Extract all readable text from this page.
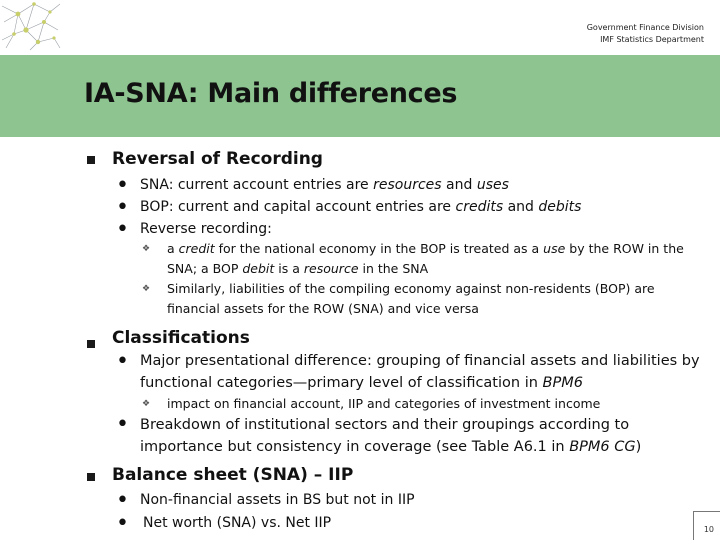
Government Finance Division
IMF Statistics Department
IA-SNA: Main differences
Reversal of Recording
• SNA: current account entries are resources and uses
• BOP: current and capital account entries are credits and debits
• Reverse recording:
❖ a credit for the national economy in the BOP is treated as a use by the ROW in the SNA; a BOP debit is a resource in the SNA
❖ Similarly, liabilities of the compiling economy against non-residents (BOP) are financial assets for the ROW (SNA) and vice versa
Classifications
• Major presentational difference: grouping of financial assets and liabilities by functional categories—primary level of classification in BPM6
❖ impact on financial account, IIP and categories of investment income
• Breakdown of institutional sectors and their groupings according to importance but consistency in coverage (see Table A6.1 in BPM6 CG)
Balance sheet (SNA) – IIP
• Non-financial assets in BS but not in IIP
• Net worth (SNA) vs. Net IIP	10
